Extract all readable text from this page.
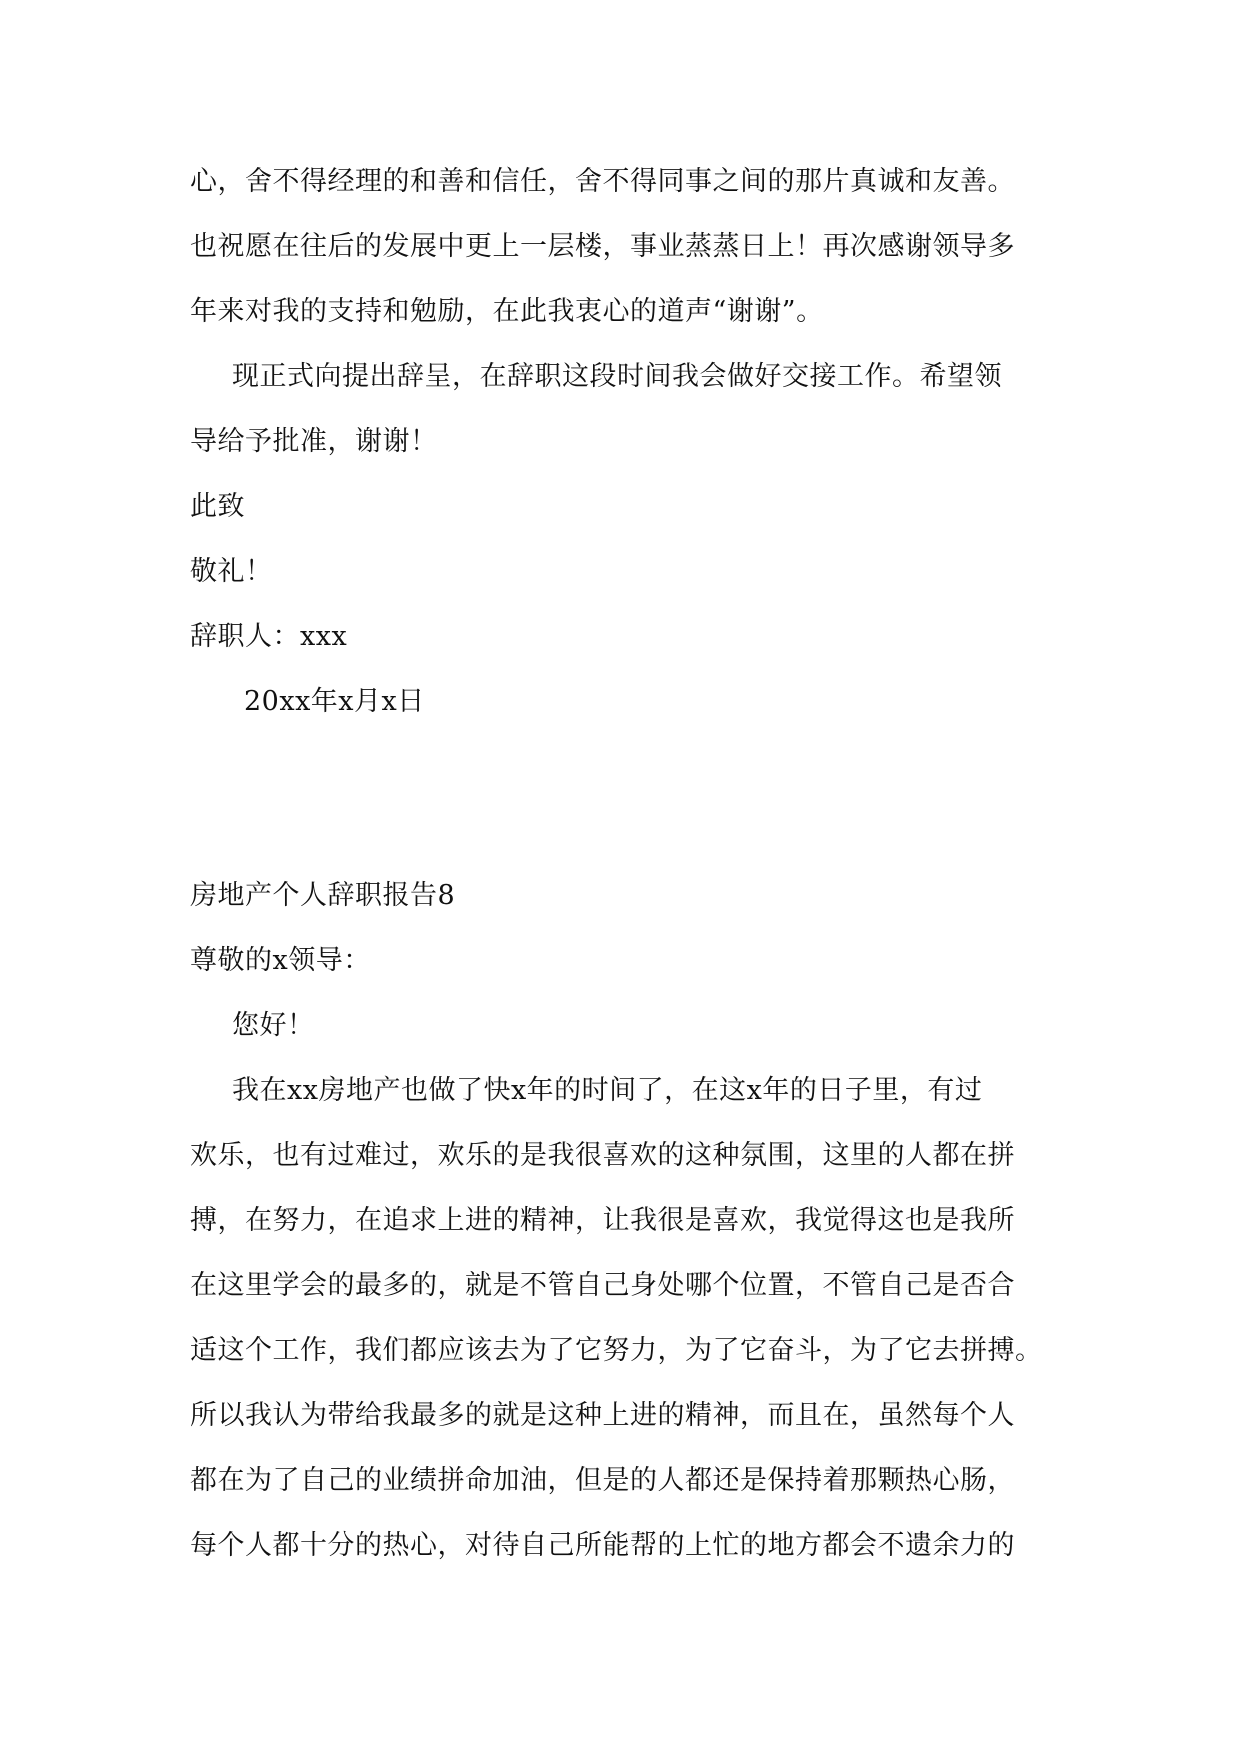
心，舍不得经理的和善和信任，舍不得同事之间的那片真诚和友善。
也祝愿在往后的发展中更上一层楼，事业蒸蒸日上！再次感谢领导多
年来对我的支持和勉励，在此我衷心的道声“谢谢”。
现正式向提出辞呈，在辞职这段时间我会做好交接工作。希望领
导给予批准，谢谢！
此致
敬礼！
辞职人：xxx
20xx年x月x日
房地产个人辞职报告8
尊敬的x领导：
您好！
我在xx房地产也做了快x年的时间了，在这x年的日子里，有过
欢乐，也有过难过，欢乐的是我很喜欢的这种氛围，这里的人都在拼
搏，在努力，在追求上进的精神，让我很是喜欢，我觉得这也是我所
在这里学会的最多的，就是不管自己身处哪个位置，不管自己是否合
适这个工作，我们都应该去为了它努力，为了它奋斗，为了它去拼搏。
所以我认为带给我最多的就是这种上进的精神，而且在，虽然每个人
都在为了自己的业绩拼命加油，但是的人都还是保持着那颗热心肠，
每个人都十分的热心，对待自己所能帮的上忙的地方都会不遗余力的
